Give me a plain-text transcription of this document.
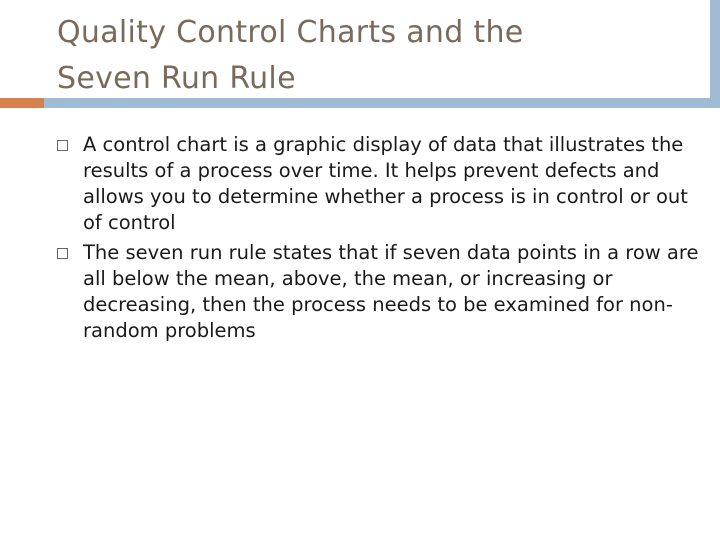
Quality Control Charts and the
Seven Run Rule
A control chart is a graphic display of data that illustrates the results of a process over time. It helps prevent defects and allows you to determine whether a process is in control or out of control
The seven run rule states that if seven data points in a row are all below the mean, above, the mean, or increasing or decreasing, then the process needs to be examined for non-random problems
